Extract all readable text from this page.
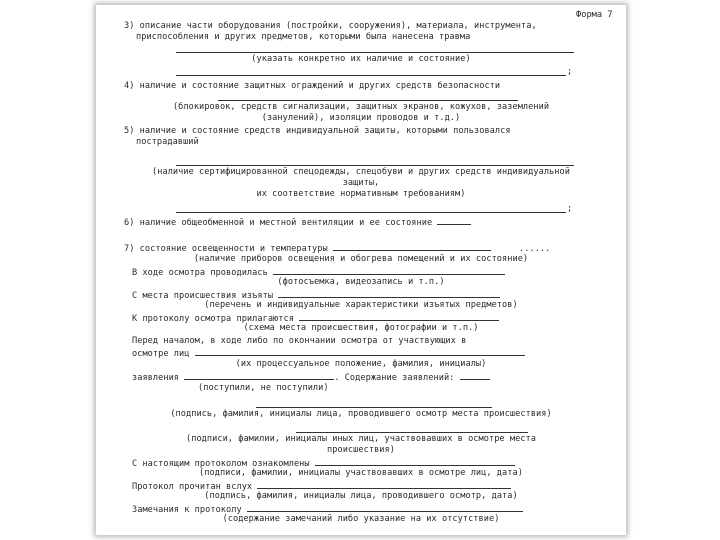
Форма 7
3) описание части оборудования (постройки, сооружения), материала, инструмента,
приспособления и других предметов, которыми была нанесена травма
(указать конкретно их наличие и состояние)
;
4) наличие и состояние защитных ограждений и других средств безопасности
(блокировок, средств сигнализации, защитных экранов, кожухов, заземлений
(занулений), изоляции проводов и т.д.)
5) наличие и состояние средств индивидуальной защиты, которыми пользовался
пострадавший
(наличие сертифицированной спецодежды, спецобуви и других средств индивидуальной
защиты,
их соответствие нормативным требованиям)
;
6) наличие общеобменной и местной вентиляции и ее состояние
7) состояние освещенности и температуры	......
(наличие приборов освещения и обогрева помещений и их состояние)
В ходе осмотра проводилась
(фотосъемка, видеозапись и т.п.)
С места происшествия изъяты
(перечень и индивидуальные характеристики изъятых предметов)
К протоколу осмотра прилагаются
(схема места происшествия, фотографии и т.п.)
Перед началом, в ходе либо по окончании осмотра от участвующих в
осмотре лиц
(их процессуальное положение, фамилия, инициалы)
заявления	. Содержание заявлений:
(поступили, не поступили)
(подпись, фамилия, инициалы лица, проводившего осмотр места происшествия)
(подписи, фамилии, инициалы иных лиц, участвовавших в осмотре места
происшествия)
С настоящим протоколом ознакомлены
(подписи, фамилии, инициалы участвовавших в осмотре лиц, дата)
Протокол прочитан вслух
(подпись, фамилия, инициалы лица, проводившего осмотр, дата)
Замечания к протоколу
(содержание замечаний либо указание на их отсутствие)
